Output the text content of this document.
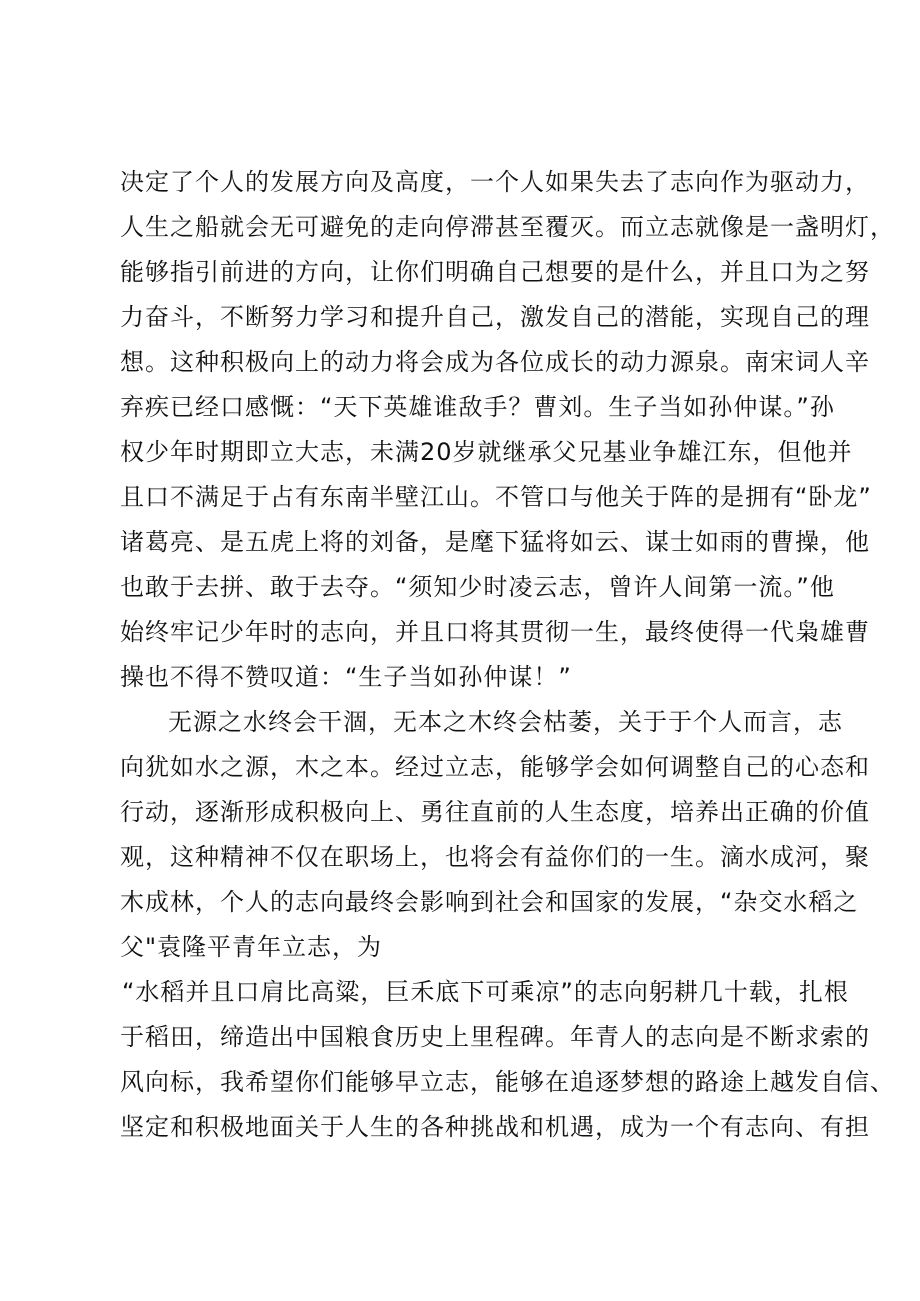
决定了个人的发展方向及高度，一个人如果失去了志向作为驱动力，

人生之船就会无可避免的走向停滞甚至覆灭。而立志就像是一盏明灯，

能够指引前进的方向，让你们明确自己想要的是什么，并且口为之努

力奋斗，不断努力学习和提升自己，激发自己的潜能，实现自己的理

想。这种积极向上的动力将会成为各位成长的动力源泉。南宋词人辛

弃疾已经口感慨：“天下英雄谁敌手？曹刘。生子当如孙仲谋。”孙

权少年时期即立大志，未满20岁就继承父兄基业争雄江东，但他并

且口不满足于占有东南半壁江山。不管口与他关于阵的是拥有“卧龙”

诸葛亮、是五虎上将的刘备，是麾下猛将如云、谋士如雨的曹操，他

也敢于去拼、敢于去夺。“须知少时凌云志，曾许人间第一流。”他

始终牢记少年时的志向，并且口将其贯彻一生，最终使得一代枭雄曹

操也不得不赞叹道：“生子当如孙仲谋！”

无源之水终会干涸，无本之木终会枯萎，关于于个人而言，志

向犹如水之源，木之本。经过立志，能够学会如何调整自己的心态和

行动，逐渐形成积极向上、勇往直前的人生态度，培养出正确的价值

观，这种精神不仅在职场上，也将会有益你们的一生。滴水成河，聚

木成林，个人的志向最终会影响到社会和国家的发展，“杂交水稻之

父"袁隆平青年立志，为

“水稻并且口肩比高粱，巨禾底下可乘凉”的志向躬耕几十载，扎根

于稻田，缔造出中国粮食历史上里程碑。年青人的志向是不断求索的

风向标，我希望你们能够早立志，能够在追逐梦想的路途上越发自信、

坚定和积极地面关于人生的各种挑战和机遇，成为一个有志向、有担
